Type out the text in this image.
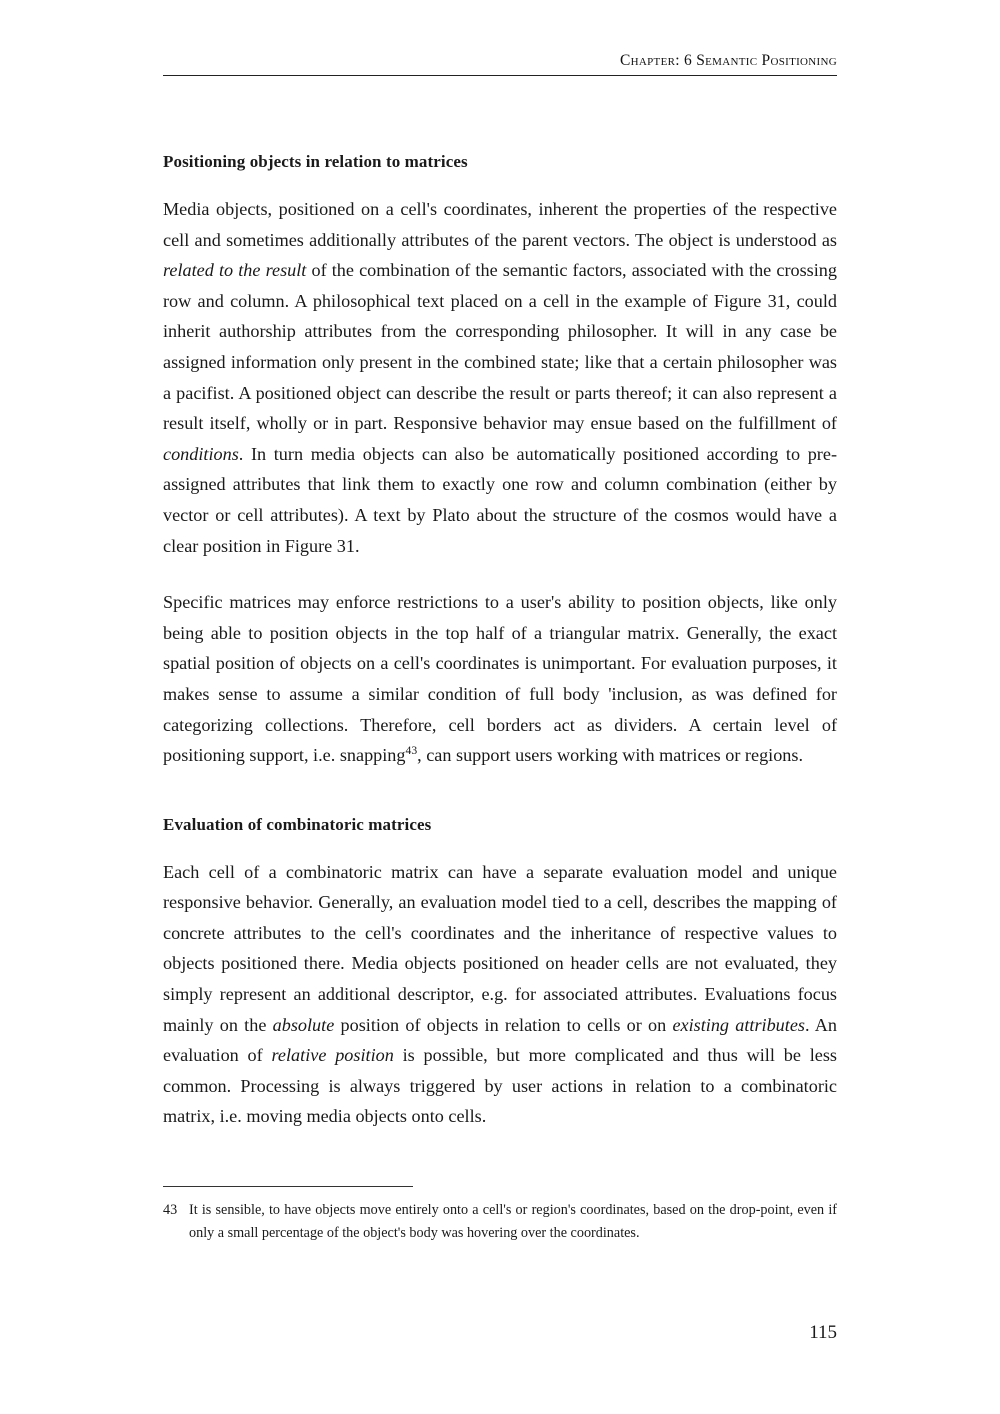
Chapter: 6 Semantic Positioning
Positioning objects in relation to matrices

Media objects, positioned on a cell's coordinates, inherent the properties of the respective cell and sometimes additionally attributes of the parent vectors. The object is understood as related to the result of the combination of the semantic factors, associated with the crossing row and column. A philosophical text placed on a cell in the example of Figure 31, could inherit authorship attributes from the corresponding philosopher. It will in any case be assigned information only present in the combined state; like that a certain philosopher was a pacifist. A positioned object can describe the result or parts thereof; it can also represent a result itself, wholly or in part. Responsive behavior may ensue based on the fulfillment of conditions. In turn media objects can also be automatically positioned according to pre-assigned attributes that link them to exactly one row and column combination (either by vector or cell attributes). A text by Plato about the structure of the cosmos would have a clear position in Figure 31.

Specific matrices may enforce restrictions to a user's ability to position objects, like only being able to position objects in the top half of a triangular matrix. Generally, the exact spatial position of objects on a cell's coordinates is unimportant. For evaluation purposes, it makes sense to assume a similar condition of full body 'inclusion, as was defined for categorizing collections. Therefore, cell borders act as dividers. A certain level of positioning support, i.e. snapping$^{43}$, can support users working with matrices or regions.

Evaluation of combinatoric matrices

Each cell of a combinatoric matrix can have a separate evaluation model and unique responsive behavior. Generally, an evaluation model tied to a cell, describes the mapping of concrete attributes to the cell's coordinates and the inheritance of respective values to objects positioned there. Media objects positioned on header cells are not evaluated, they simply represent an additional descriptor, e.g. for associated attributes. Evaluations focus mainly on the absolute position of objects in relation to cells or on existing attributes. An evaluation of relative position is possible, but more complicated and thus will be less common. Processing is always triggered by user actions in relation to a combinatoric matrix, i.e. moving media objects onto cells.

43 It is sensible, to have objects move entirely onto a cell's or region's coordinates, based on the drop-point, even if only a small percentage of the object's body was hovering over the coordinates.
115
